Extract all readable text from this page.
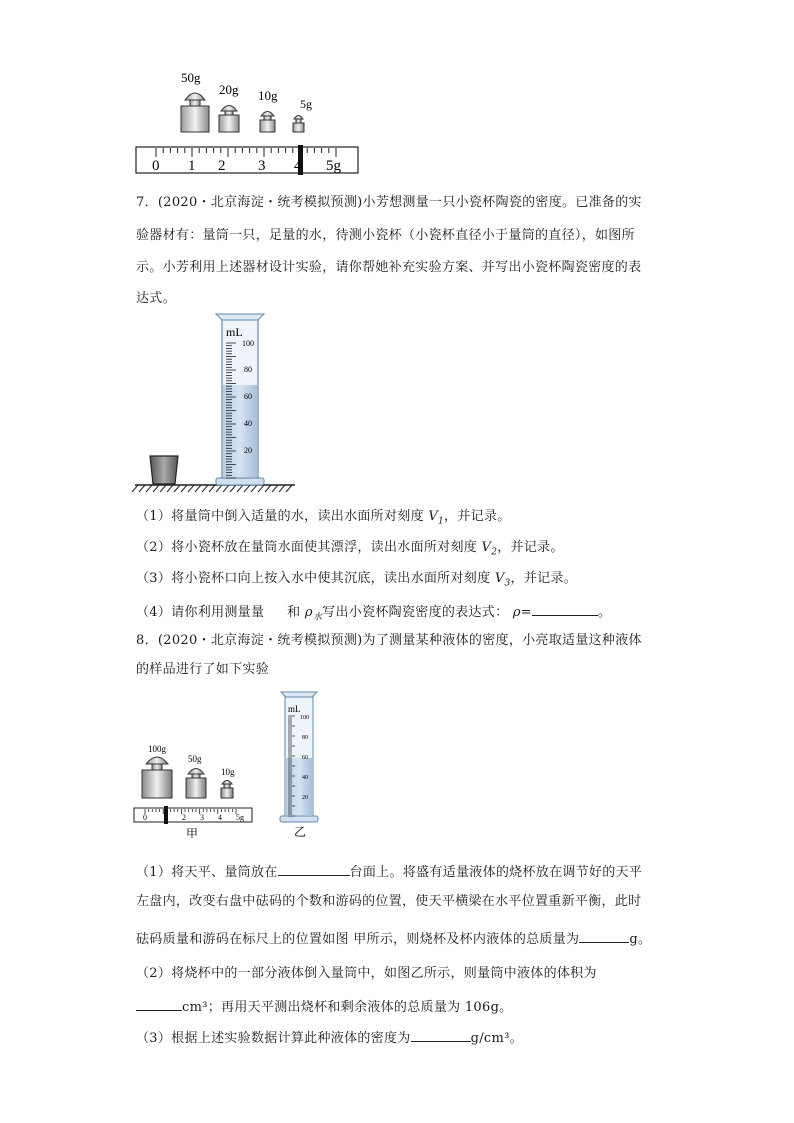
50g
20g 10g
5g
0 1 2 3 4 5g
7．(2020・北京海淀・统考模拟预测)小芳想测量一只小瓷杯陶瓷的密度。已准备的实
验器材有：量筒一只，足量的水，待测小瓷杯（小瓷杯直径小于量筒的直径），如图所
示。小芳利用上述器材设计实验，请你帮她补充实验方案、并写出小瓷杯陶瓷密度的表
达式。
mL
100
80
60
40
20
（1）将量筒中倒入适量的水，读出水面所对刻度 $V_1$，并记录。
（2）将小瓷杯放在量筒水面使其漂浮，读出水面所对刻度 $V_2$，并记录。
（3）将小瓷杯口向上按入水中使其沉底，读出水面所对刻度 $V_3$，并记录。
（4）请你利用测量量 和 $\rho_水$写出小瓷杯陶瓷密度的表达式： ρ=	。
8．(2020・北京海淀・统考模拟预测)为了测量某种液体的密度，小亮取适量这种液体
的样品进行了如下实验
100g
50g
10g
0 1 2 3 4 5g
甲
mL
100
80
60
40
20
乙
（1）将天平、量筒放在	台面上。将盛有适量液体的烧杯放在调节好的天平
左盘内，改变右盘中砝码的个数和游码的位置，使天平横梁在水平位置重新平衡，此时
砝码质量和游码在标尺上的位置如图 甲所示，则烧杯及杯内液体的总质量为	g。
（2）将烧杯中的一部分液体倒入量筒中，如图乙所示，则量筒中液体的体积为
cm³；再用天平测出烧杯和剩余液体的总质量为 106g。
（3）根据上述实验数据计算此种液体的密度为	g/cm³。
